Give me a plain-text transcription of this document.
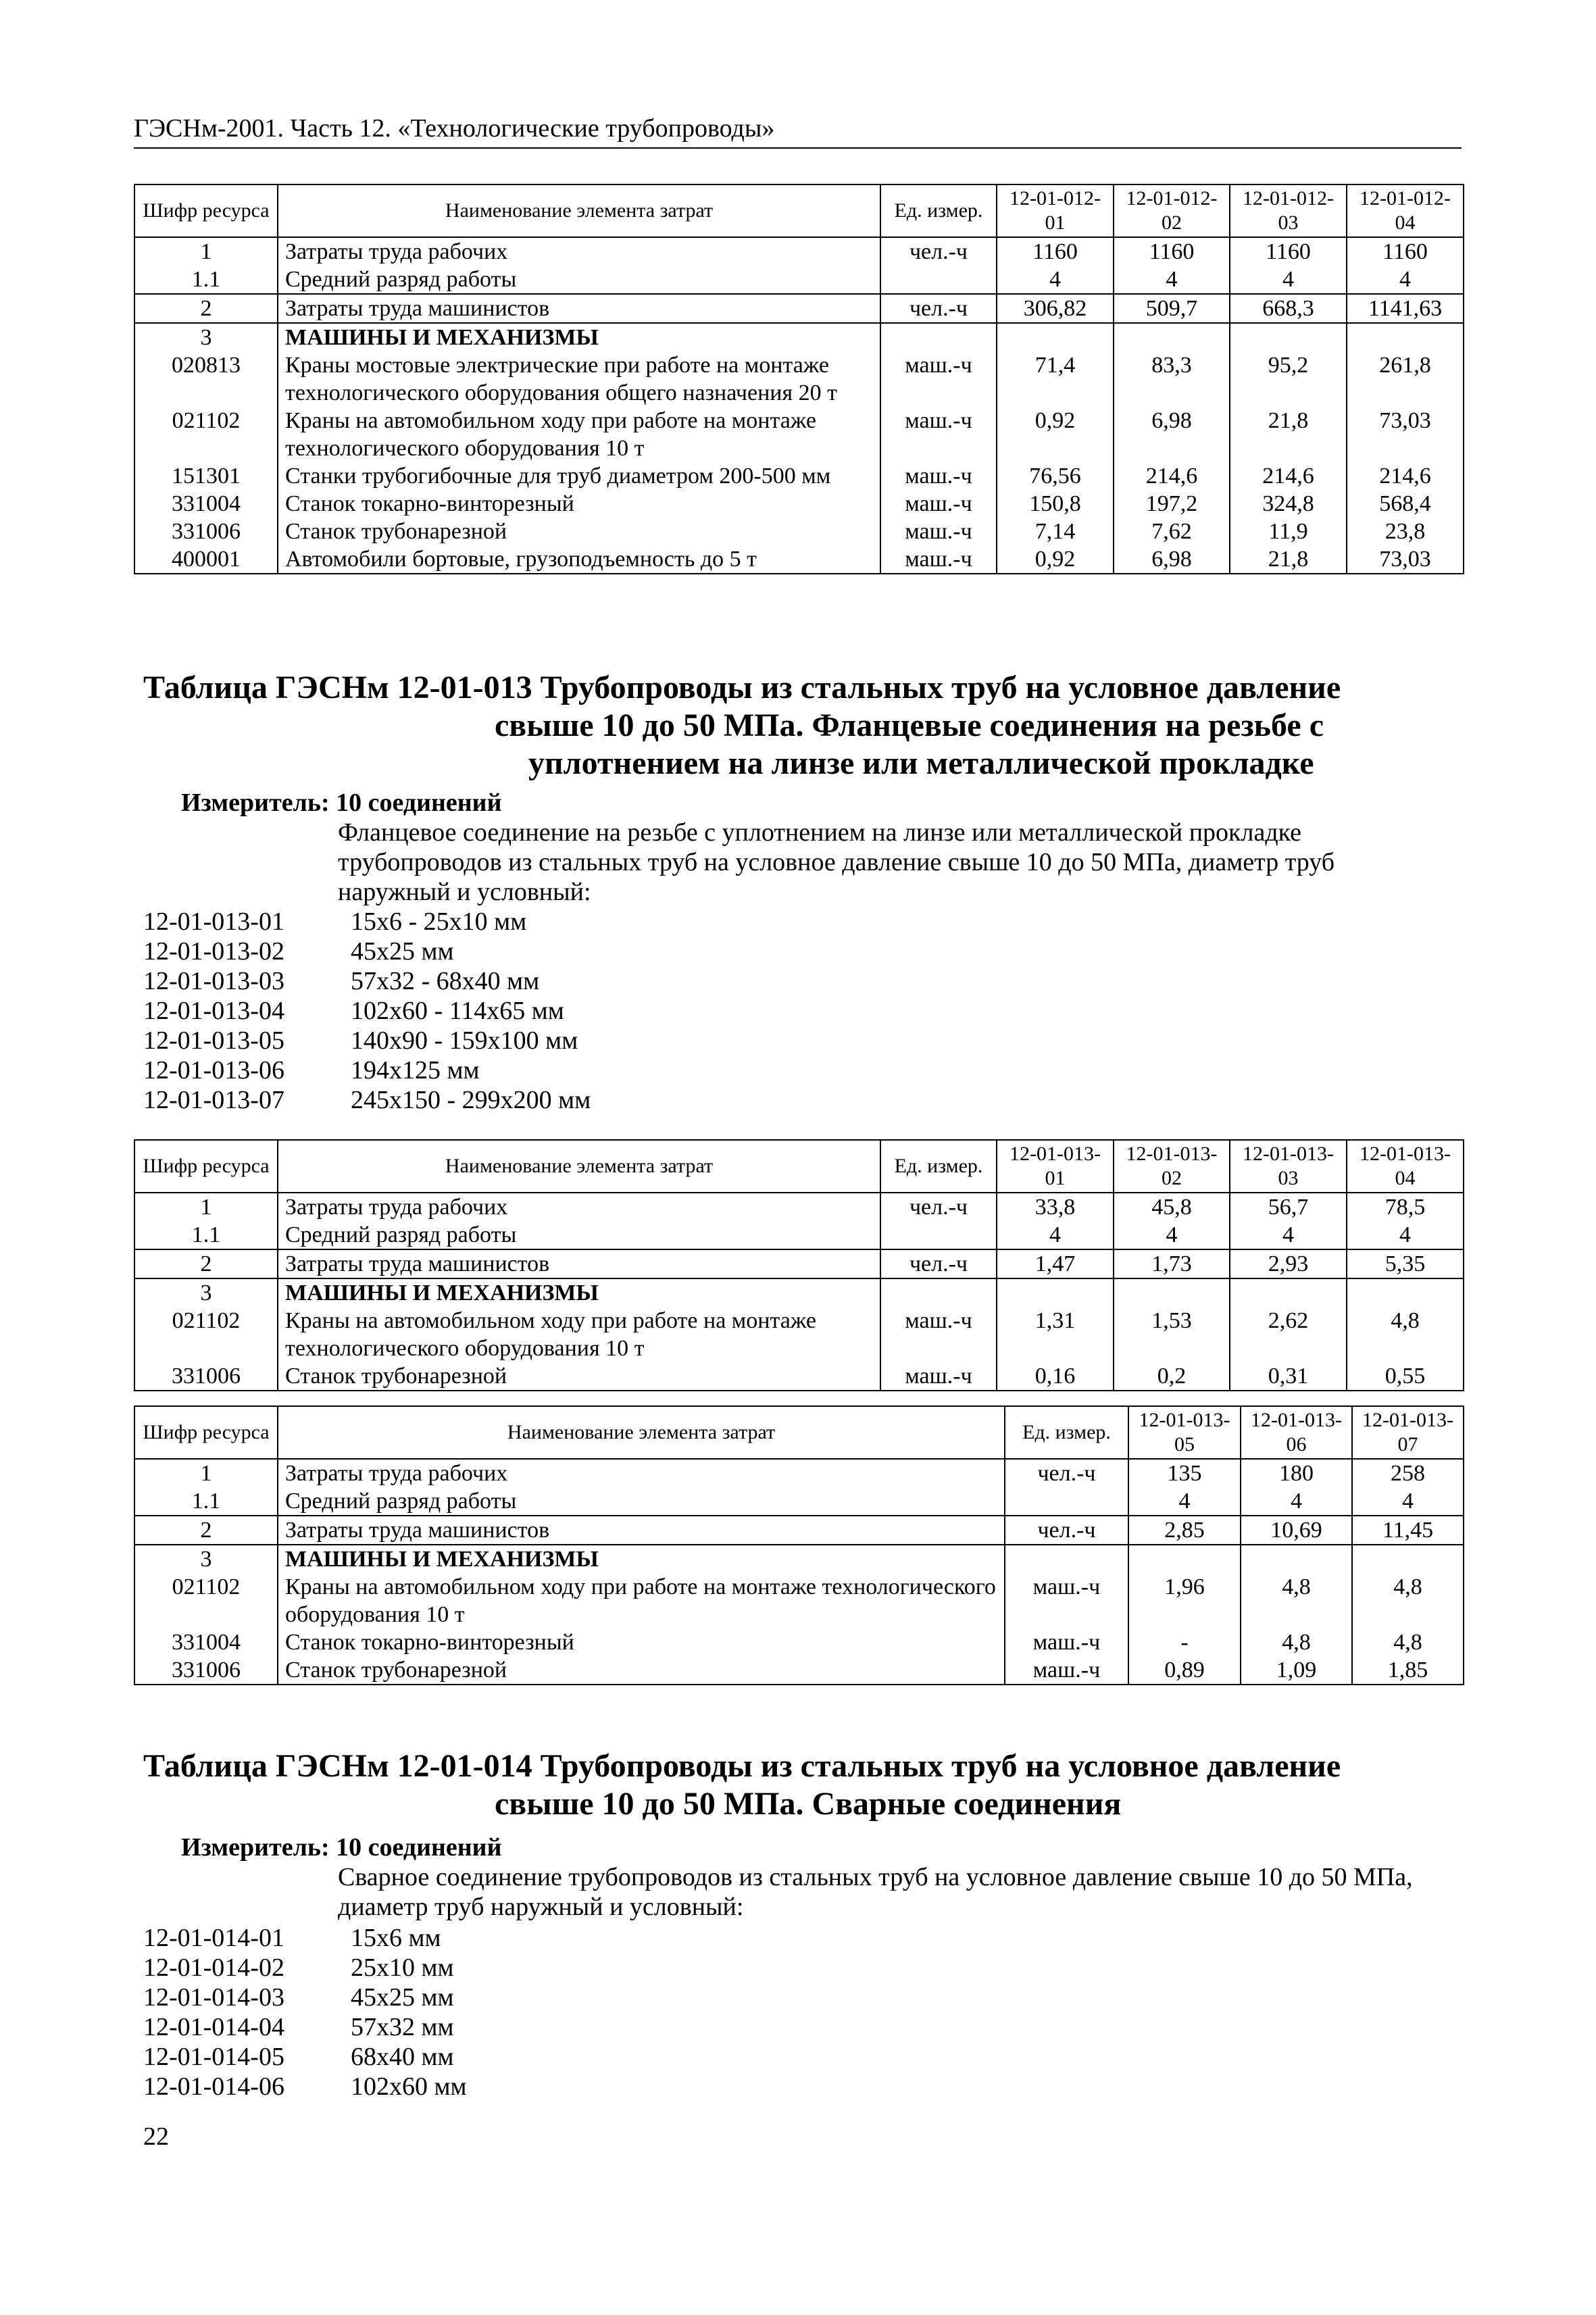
ГЭСНм-2001. Часть 12. «Технологические трубопроводы»
Шифр ресурса	Наименование элемента затрат	Ед. измер.	12-01-012-01	12-01-012-02	12-01-012-03	12-01-012-04
1	Затраты труда рабочих	чел.-ч	1160	1160	1160	1160
1.1	Средний разряд работы		4	4	4	4
2	Затраты труда машинистов	чел.-ч	306,82	509,7	668,3	1141,63
3	МАШИНЫ И МЕХАНИЗМЫ					
020813	Краны мостовые электрические при работе на монтаже технологического оборудования общего назначения 20 т	маш.-ч	71,4	83,3	95,2	261,8
021102	Краны на автомобильном ходу при работе на монтаже технологического оборудования 10 т	маш.-ч	0,92	6,98	21,8	73,03
151301	Станки трубогибочные для труб диаметром 200-500 мм	маш.-ч	76,56	214,6	214,6	214,6
331004	Станок токарно-винторезный	маш.-ч	150,8	197,2	324,8	568,4
331006	Станок трубонарезной	маш.-ч	7,14	7,62	11,9	23,8
400001	Автомобили бортовые, грузоподъемность до 5 т	маш.-ч	0,92	6,98	21,8	73,03
Таблица ГЭСНм 12-01-013 Трубопроводы из стальных труб на условное давление
свыше 10 до 50 МПа. Фланцевые соединения на резьбе с
уплотнением на линзе или металлической прокладке
Измеритель: 10 соединений
Фланцевое соединение на резьбе с уплотнением на линзе или металлической прокладке трубопроводов из стальных труб на условное давление свыше 10 до 50 МПа, диаметр труб наружный и условный:
12-01-013-01	15х6 - 25х10 мм
12-01-013-02	45х25 мм
12-01-013-03	57х32 - 68х40 мм
12-01-013-04	102х60 - 114х65 мм
12-01-013-05	140х90 - 159х100 мм
12-01-013-06	194х125 мм
12-01-013-07	245х150 - 299х200 мм
Шифр ресурса	Наименование элемента затрат	Ед. измер.	12-01-013-01	12-01-013-02	12-01-013-03	12-01-013-04
1	Затраты труда рабочих	чел.-ч	33,8	45,8	56,7	78,5
1.1	Средний разряд работы		4	4	4	4
2	Затраты труда машинистов	чел.-ч	1,47	1,73	2,93	5,35
3	МАШИНЫ И МЕХАНИЗМЫ					
021102	Краны на автомобильном ходу при работе на монтаже технологического оборудования 10 т	маш.-ч	1,31	1,53	2,62	4,8
331006	Станок трубонарезной	маш.-ч	0,16	0,2	0,31	0,55
Шифр ресурса	Наименование элемента затрат	Ед. измер.	12-01-013-05	12-01-013-06	12-01-013-07
1	Затраты труда рабочих	чел.-ч	135	180	258
1.1	Средний разряд работы		4	4	4
2	Затраты труда машинистов	чел.-ч	2,85	10,69	11,45
3	МАШИНЫ И МЕХАНИЗМЫ				
021102	Краны на автомобильном ходу при работе на монтаже технологического оборудования 10 т	маш.-ч	1,96	4,8	4,8
331004	Станок токарно-винторезный	маш.-ч	-	4,8	4,8
331006	Станок трубонарезной	маш.-ч	0,89	1,09	1,85
Таблица ГЭСНм 12-01-014 Трубопроводы из стальных труб на условное давление
свыше 10 до 50 МПа. Сварные соединения
Измеритель: 10 соединений
Сварное соединение трубопроводов из стальных труб на условное давление свыше 10 до 50 МПа, диаметр труб наружный и условный:
12-01-014-01	15х6 мм
12-01-014-02	25х10 мм
12-01-014-03	45х25 мм
12-01-014-04	57х32 мм
12-01-014-05	68х40 мм
12-01-014-06	102х60 мм
22
